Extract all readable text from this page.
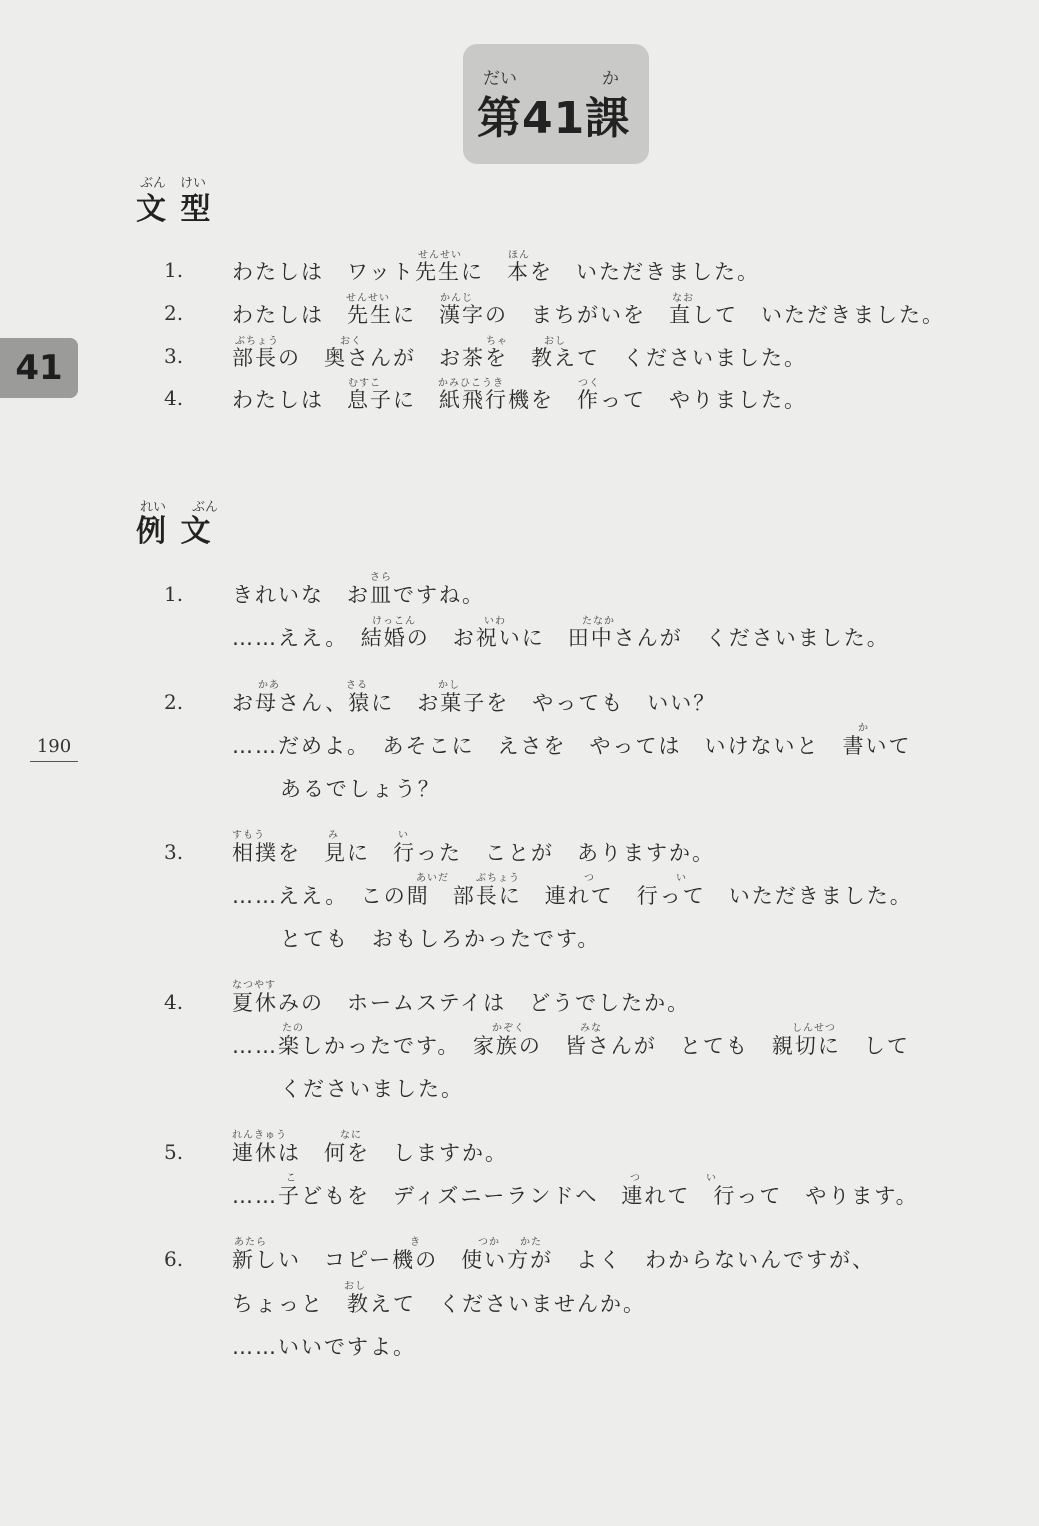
だい	か
第41課
41
190
ぶん けい
文 型
せんせい	ほん
1. わたしは　ワット先生に　本を　いただきました。
せんせい	かんじ	なお
2. わたしは　先生に　漢字の　まちがいを　直して　いただきました。
ぶちょう	おく	ちゃ	おし
3. 部長の　奥さんが　お茶を　教えて　くださいました。
むすこ	かみひこうき	つく
4. わたしは　息子に　紙飛行機を　作って　やりました。
れい ぶん
例 文
さら
1. きれいな　お皿ですね。
けっこん	いわ	たなか
……ええ。　結婚の　お祝いに　田中さんが　くださいました。
かあ	さる	かし
2. お母さん、猿に　お菓子を　やっても　いい？
か
……だめよ。　あそこに　えさを　やっては　いけないと　書いて
あるでしょう？
すもう	み	い
3. 相撲を　見に　行った　ことが　ありますか。
あいだ	ぶちょう	つ	い
……ええ。　この間　部長に　連れて　行って　いただきました。
とても　おもしろかったです。
なつやす
4. 夏休みの　ホームステイは　どうでしたか。
たの	かぞく	みな	しんせつ
……楽しかったです。　家族の　皆さんが　とても　親切に　して
くださいました。
れんきゅう	なに
5. 連休は　何を　しますか。
こ	つ	い
……子どもを　ディズニーランドへ　連れて　行って　やります。
あたら	き	つか かた
6. 新しい　コピー機の　使い方が　よく　わからないんですが、
おし
ちょっと　教えて　くださいませんか。
……いいですよ。
